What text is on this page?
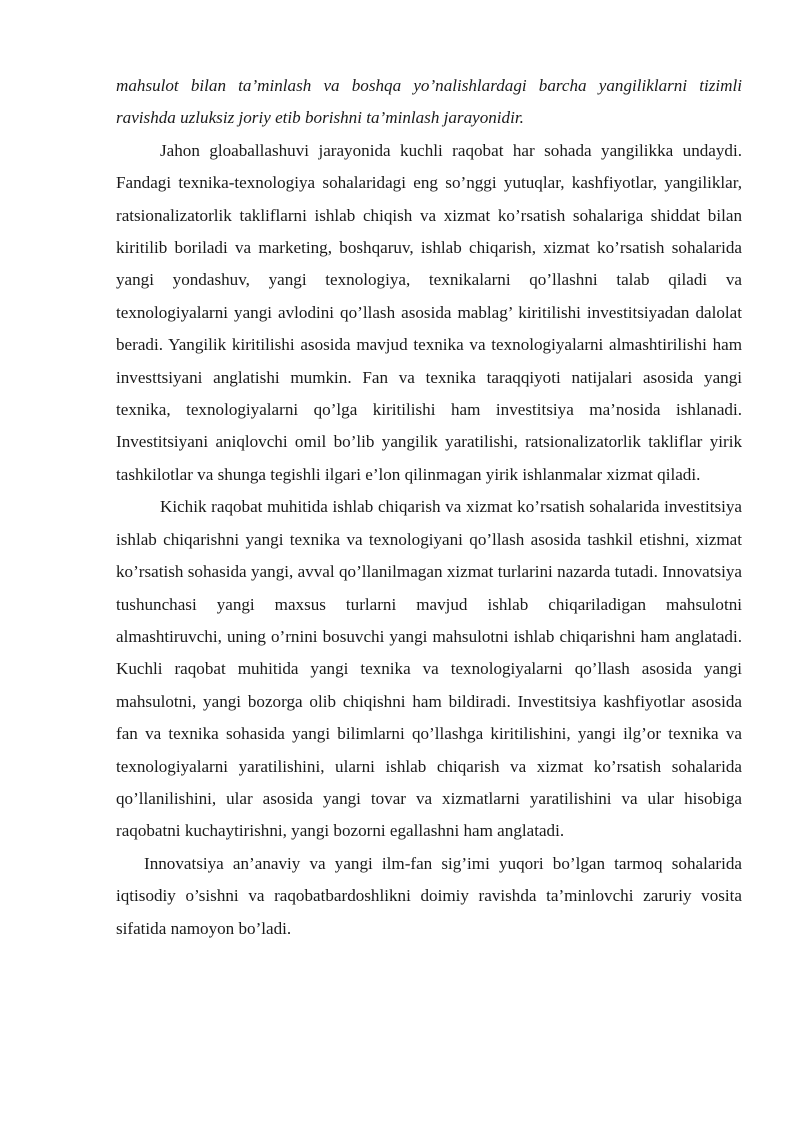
mahsulot bilan ta’minlash va boshqa yo’nalishlardagi barcha yangiliklarni tizimli ravishda uzluksiz joriy etib borishni ta’minlash jarayonidir.

Jahon gloaballashuvi jarayonida kuchli raqobat har sohada yangilikka undaydi. Fandagi texnika-texnologiya sohalaridagi eng so’nggi yutuqlar, kashfiyotlar, yangiliklar, ratsionalizatorlik takliflarni ishlab chiqish va xizmat ko’rsatish sohalariga shiddat bilan kiritilib boriladi va marketing, boshqaruv, ishlab chiqarish, xizmat ko’rsatish sohalarida yangi yondashuv, yangi texnologiya, texnikalarni qo’llashni talab qiladi va texnologiyalarni yangi avlodini qo’llash asosida mablag’ kiritilishi investitsiyadan dalolat beradi. Yangilik kiritilishi asosida mavjud texnika va texnologiyalarni almashtirilishi ham investtsiyani anglatishi mumkin. Fan va texnika taraqqiyoti natijalari asosida yangi texnika, texnologiyalarni qo’lga kiritilishi ham investitsiya ma’nosida ishlanadi. Investitsiyani aniqlovchi omil bo’lib yangilik yaratilishi, ratsionalizatorlik takliflar yirik tashkilotlar va shunga tegishli ilgari e’lon qilinmagan yirik ishlanmalar xizmat qiladi.

Kichik raqobat muhitida ishlab chiqarish va xizmat ko’rsatish sohalarida investitsiya ishlab chiqarishni yangi texnika va texnologiyani qo’llash asosida tashkil etishni, xizmat ko’rsatish sohasida yangi, avval qo’llanilmagan xizmat turlarini nazarda tutadi. Innovatsiya tushunchasi yangi maxsus turlarni mavjud ishlab chiqariladigan mahsulotni almashtiruvchi, uning o’rnini bosuvchi yangi mahsulotni ishlab chiqarishni ham anglatadi. Kuchli raqobat muhitida yangi texnika va texnologiyalarni qo’llash asosida yangi mahsulotni, yangi bozorga olib chiqishni ham bildiradi. Investitsiya kashfiyotlar asosida fan va texnika sohasida yangi bilimlarni qo’llashga kiritilishini, yangi ilg’or texnika va texnologiyalarni yaratilishini, ularni ishlab chiqarish va xizmat ko’rsatish sohalarida qo’llanilishini, ular asosida yangi tovar va xizmatlarni yaratilishini va ular hisobiga raqobatni kuchaytirishni, yangi bozorni egallashni ham anglatadi.

Innovatsiya an’anaviy va yangi ilm-fan sig’imi yuqori bo’lgan tarmoq sohalarida iqtisodiy o’sishni va raqobatbardoshlikni doimiy ravishda ta’minlovchi zaruriy vosita sifatida namoyon bo’ladi.
